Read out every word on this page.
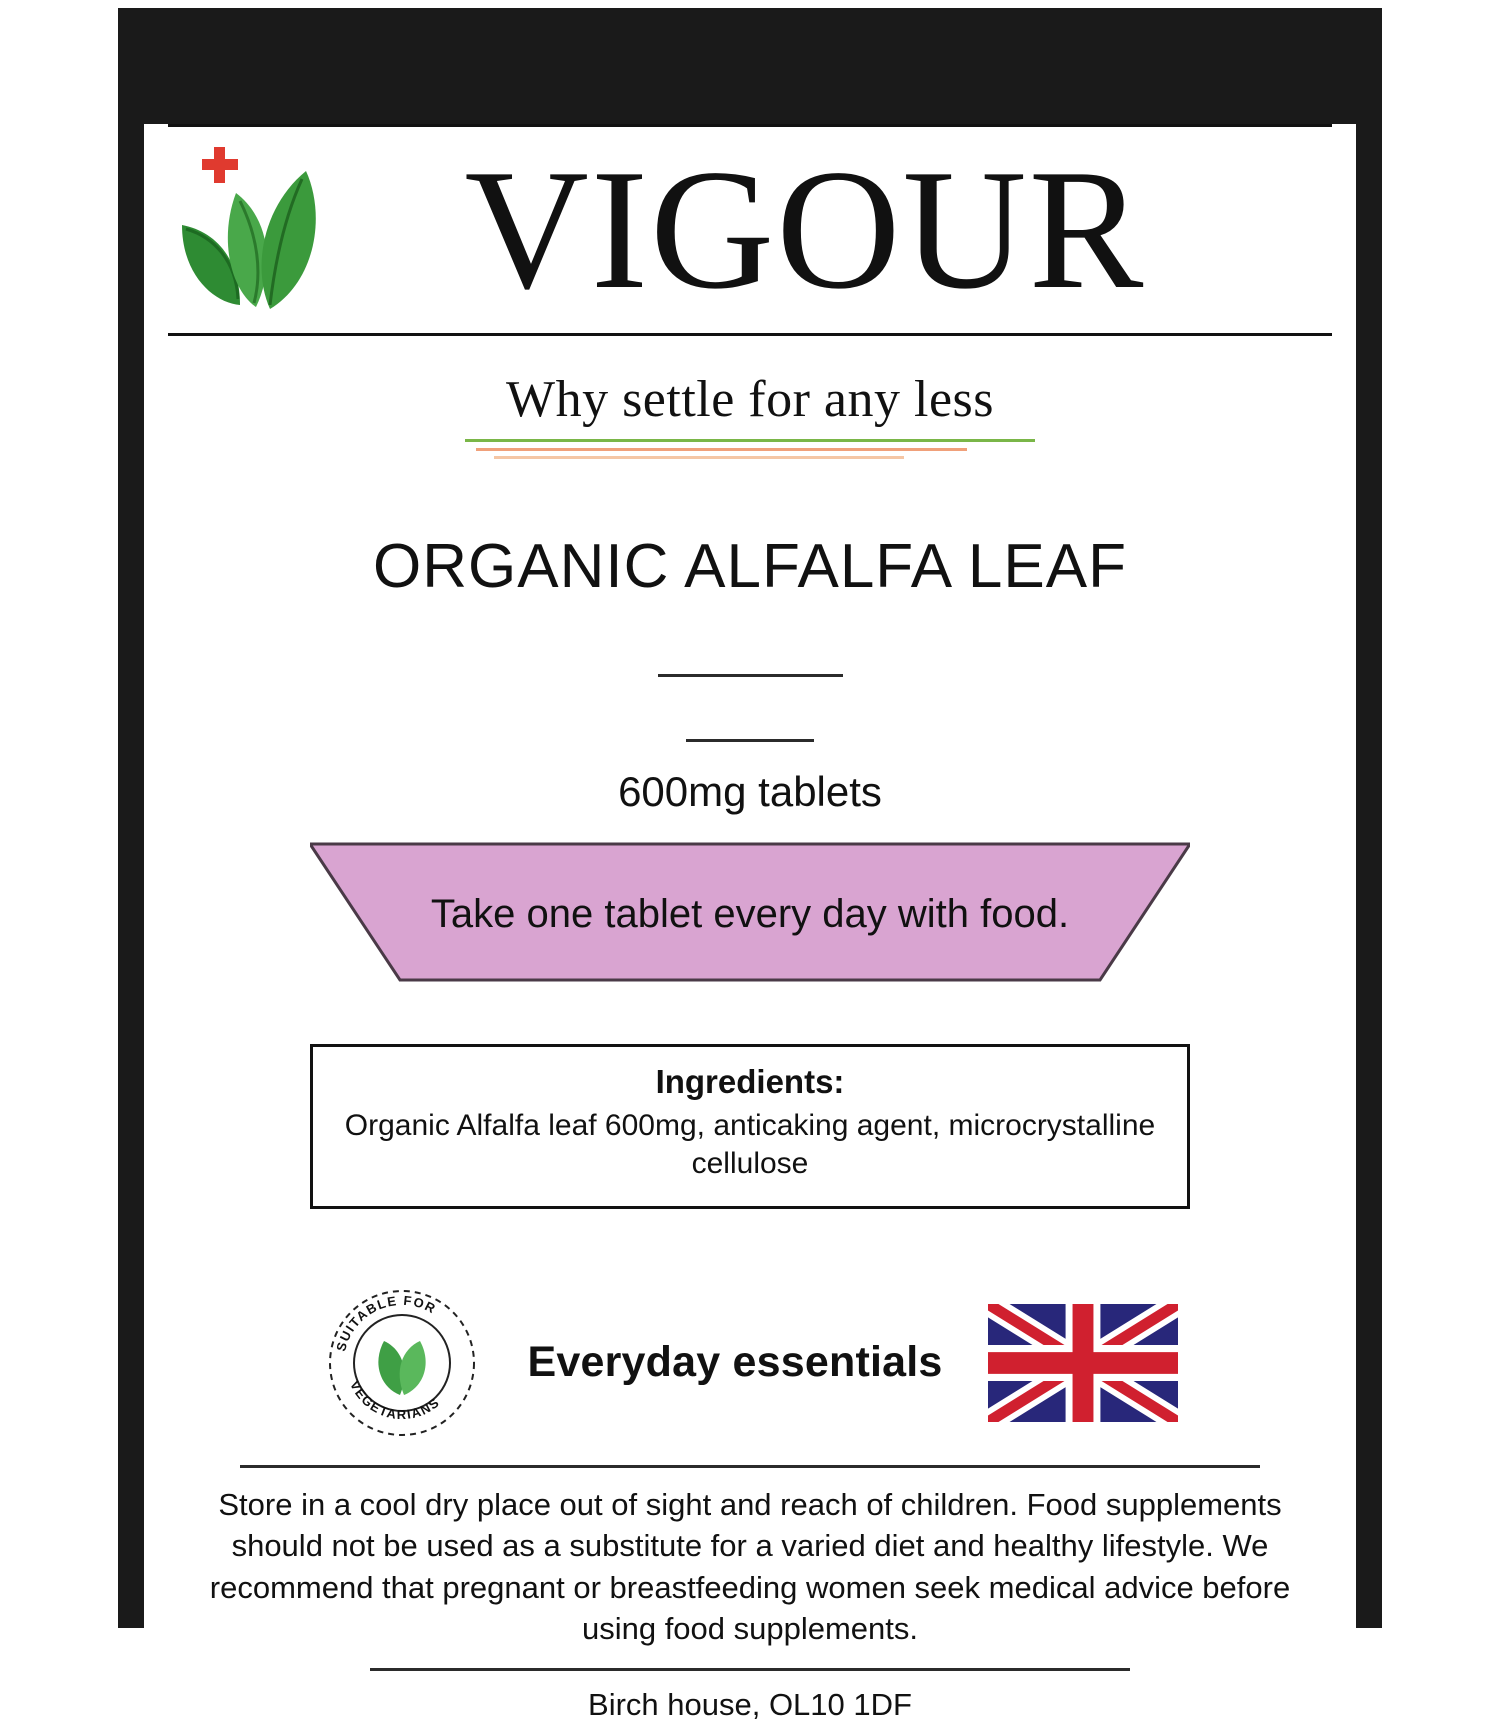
VIGOUR
Why settle for any less
ORGANIC ALFALFA LEAF
600mg tablets
Take one tablet every day with food.
Ingredients:
Organic Alfalfa leaf 600mg, anticaking agent, microcrystalline cellulose
SUITABLE FOR
VEGETARIANS
Everyday essentials
Store in a cool dry place out of sight and reach of children. Food supplements should not be used as a substitute for a varied diet and healthy lifestyle. We recommend that pregnant or breastfeeding women seek medical advice before using food supplements.
Birch house, OL10 1DF
